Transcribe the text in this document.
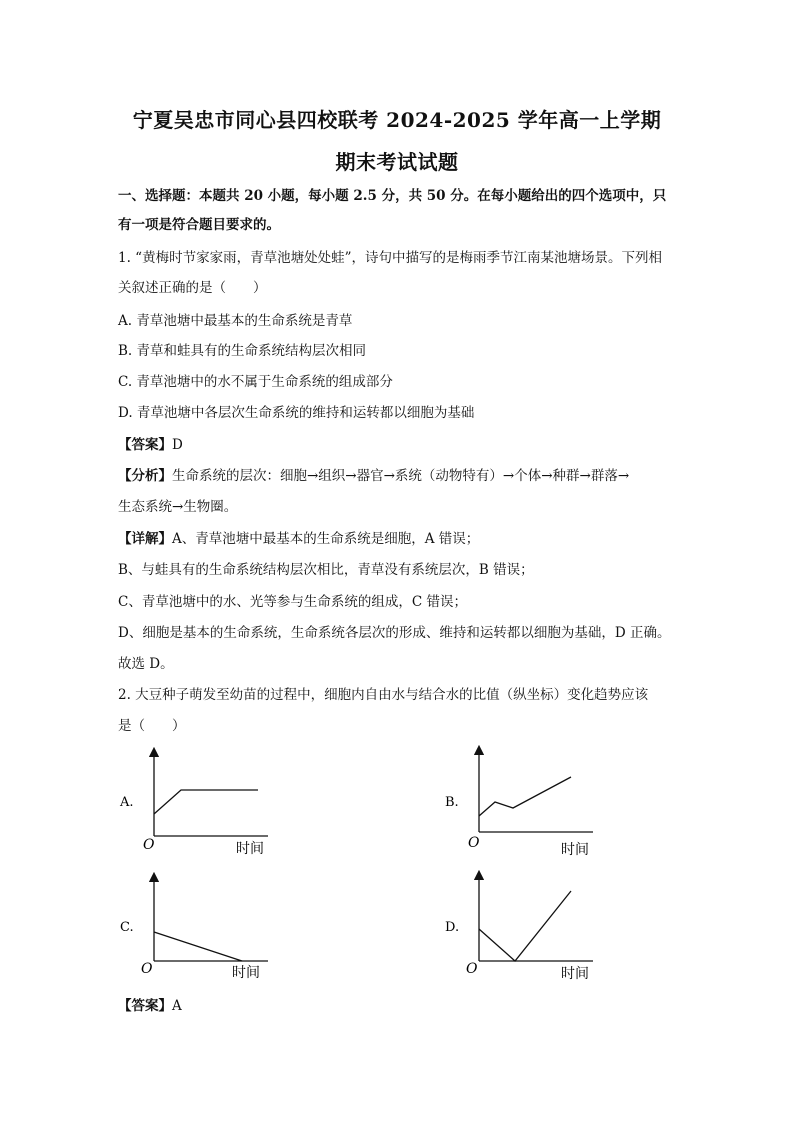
宁夏吴忠市同心县四校联考 2024-2025 学年高一上学期
期末考试试题
一、选择题：本题共 20 小题，每小题 2.5 分，共 50 分。在每小题给出的四个选项中，只
有一项是符合题目要求的。
1. “黄梅时节家家雨，青草池塘处处蛙”，诗句中描写的是梅雨季节江南某池塘场景。下列相
关叙述正确的是（　　）
A. 青草池塘中最基本的生命系统是青草
B. 青草和蛙具有的生命系统结构层次相同
C. 青草池塘中的水不属于生命系统的组成部分
D. 青草池塘中各层次生命系统的维持和运转都以细胞为基础
【答案】D
【分析】生命系统的层次：细胞→组织→器官→系统（动物特有）→个体→种群→群落→
生态系统→生物圈。
【详解】A、青草池塘中最基本的生命系统是细胞，A 错误；
B、与蛙具有的生命系统结构层次相比，青草没有系统层次，B 错误；
C、青草池塘中的水、光等参与生命系统的组成，C 错误；
D、细胞是基本的生命系统，生命系统各层次的形成、维持和运转都以细胞为基础，D 正确。
故选 D。
2. 大豆种子萌发至幼苗的过程中，细胞内自由水与结合水的比值（纵坐标）变化趋势应该
是（　　）
A.
O	时间
B.
O	时间
C.
O	时间
D.
O	时间
【答案】A
